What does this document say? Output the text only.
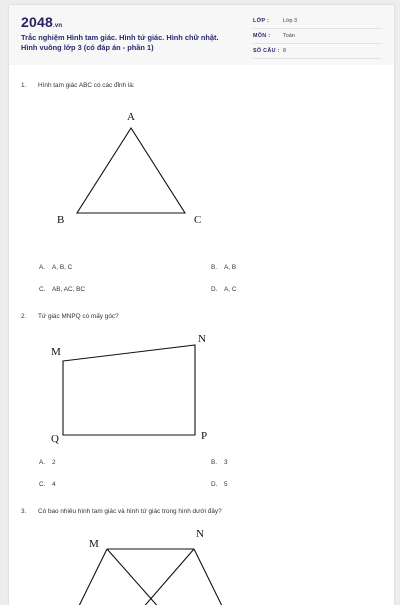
2048.vn
Trắc nghiệm Hình tam giác. Hình tứ giác. Hình chữ nhật.
Hình vuông lớp 3 (có đáp án - phần 1)
LỚP :	Lớp 3
MÔN : Toán
SỐ CÂU : 8
1. Hình tam giác ABC có các đỉnh là:
A
B	C
A. A, B, C	B. A, B
C. AB, AC, BC	D. A, C
2. Tứ giác MNPQ có mấy góc?
M
N
P
Q
A. 2	B. 3
C. 4	D. 5
3. Có bao nhiêu hình tam giác và hình tứ giác trong hình dưới đây?
M
N
